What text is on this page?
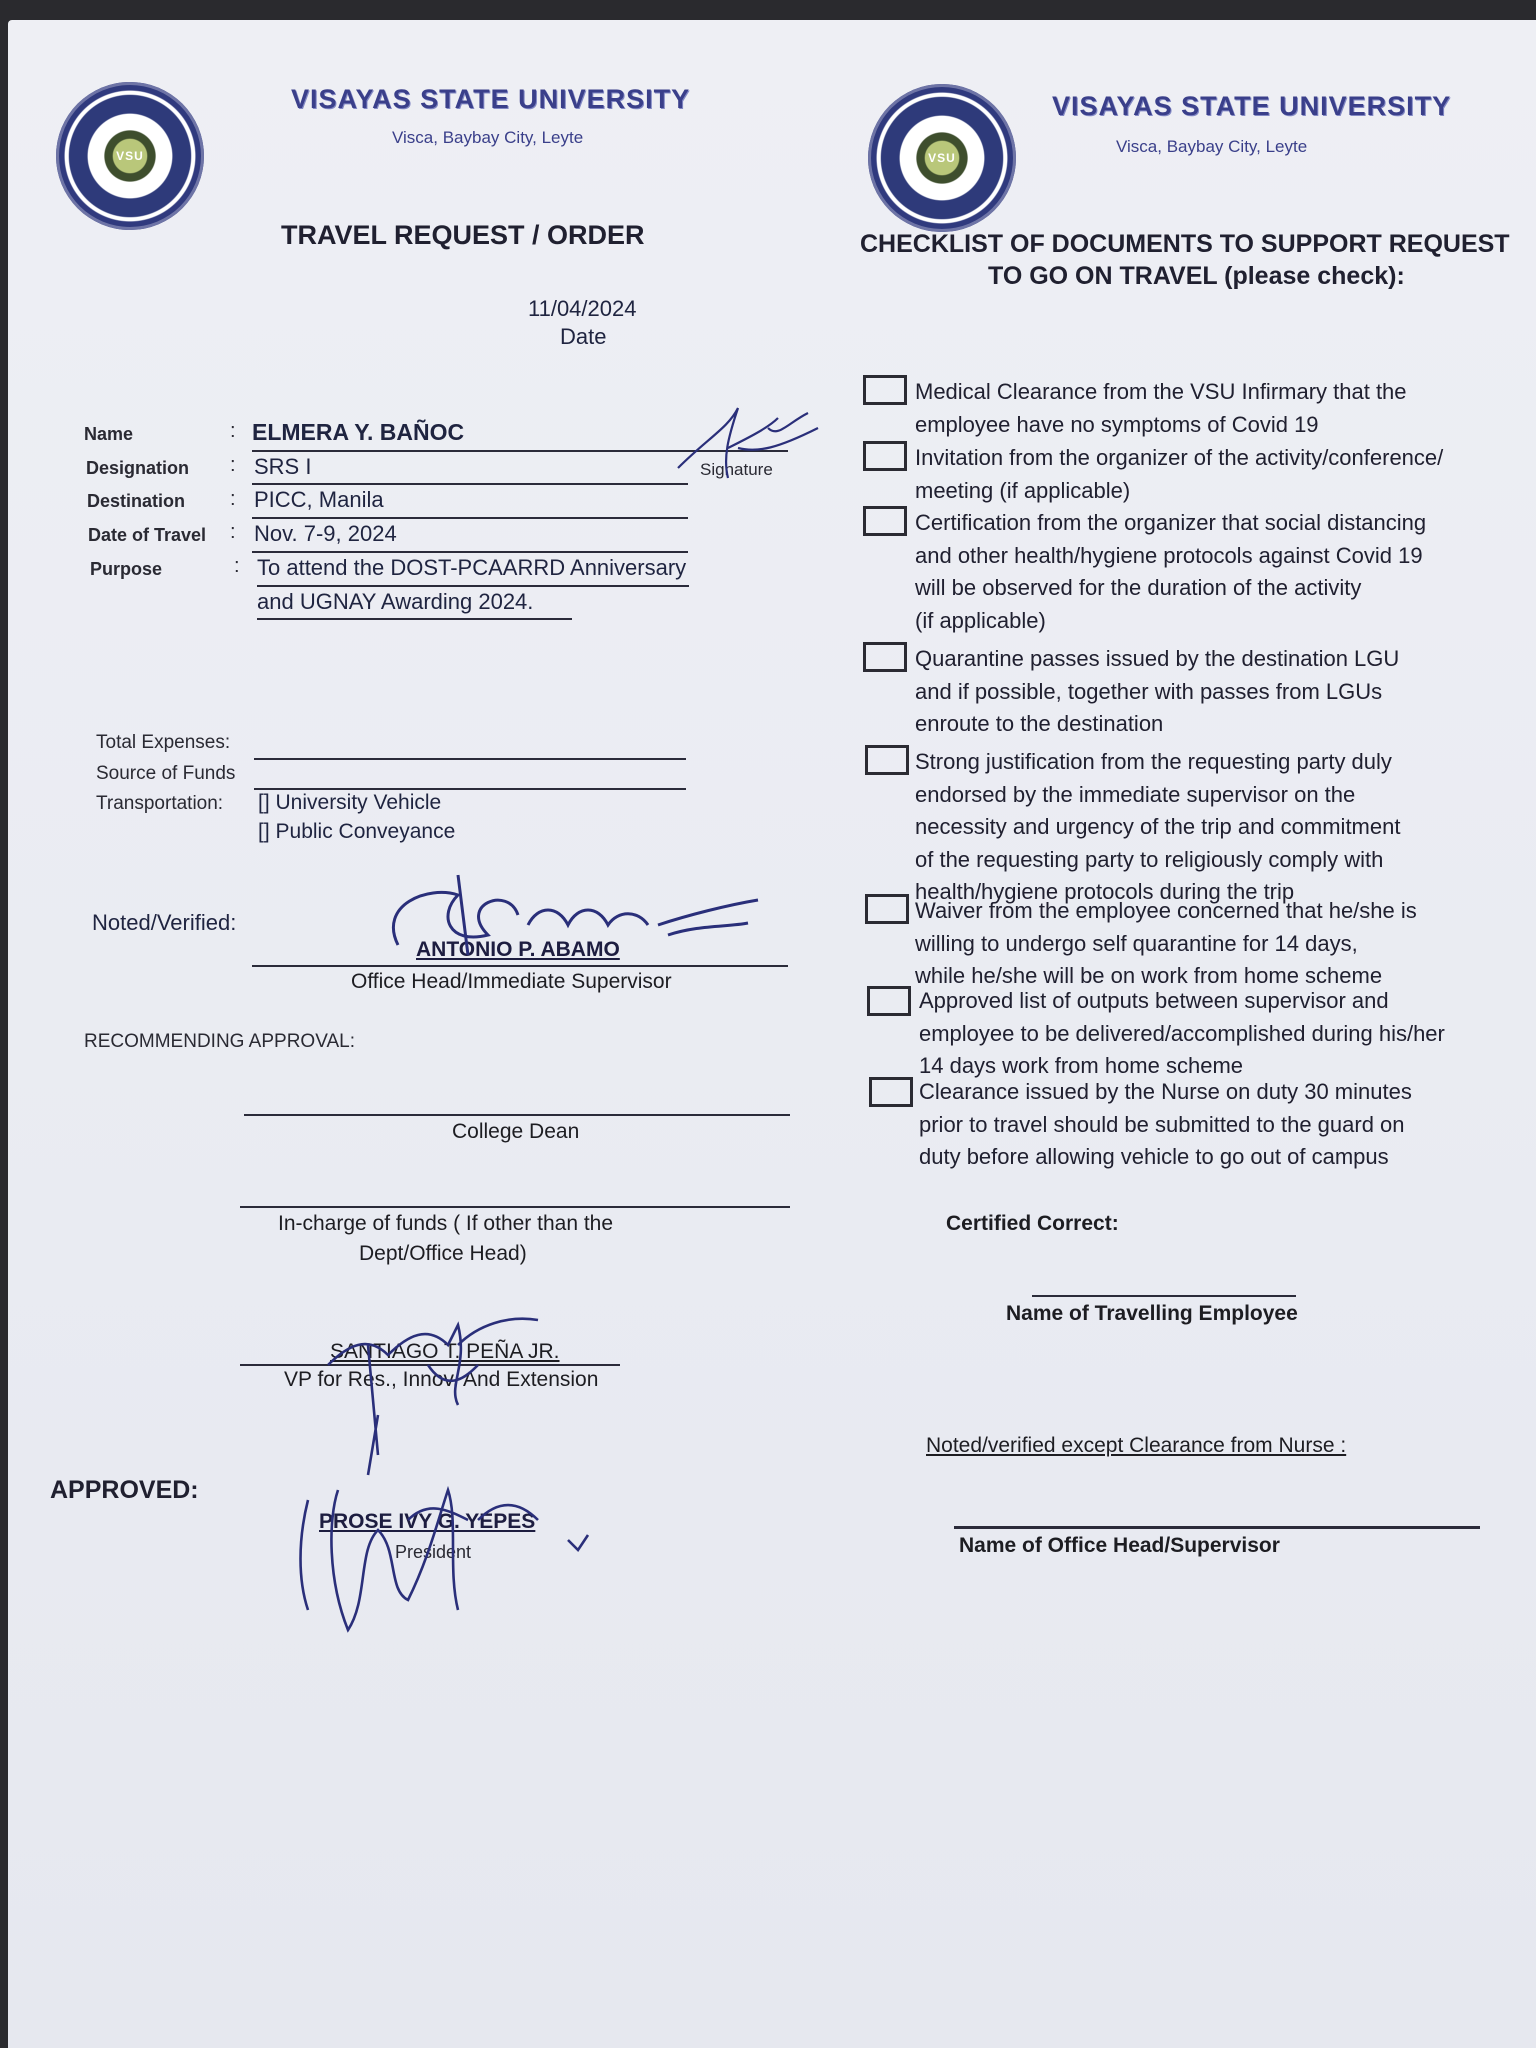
VSU
VISAYAS STATE UNIVERSITY
Visca, Baybay City, Leyte
TRAVEL REQUEST / ORDER
11/04/2024
Date
Name	: ELMERA Y. BAÑOC
Signature
Designation : SRS I
Destination : PICC, Manila
Date of Travel : Nov. 7-9, 2024
Purpose	: To attend the DOST-PCAARRD Anniversary
and UGNAY Awarding 2024.
Total Expenses:
Source of Funds
Transportation: [] University Vehicle
[] Public Conveyance
Noted/Verified:
ANTONIO P. ABAMO
Office Head/Immediate Supervisor
RECOMMENDING APPROVAL:
College Dean
In-charge of funds ( If other than the
Dept/Office Head)
SANTIAGO T. PEÑA JR.
VP for Res., Innov. And Extension
APPROVED:
PROSE IVY G. YEPES
President
VSU
VISAYAS STATE UNIVERSITY
Visca, Baybay City, Leyte
CHECKLIST OF DOCUMENTS TO SUPPORT REQUEST
TO GO ON TRAVEL (please check):
Medical Clearance from the VSU Infirmary that the
employee have no symptoms of Covid 19
Invitation from the organizer of the activity/conference/
meeting (if applicable)
Certification from the organizer that social distancing
and other health/hygiene protocols against Covid 19
will be observed for the duration of the activity
(if applicable)
Quarantine passes issued by the destination LGU
and if possible, together with passes from LGUs
enroute to the destination
Strong justification from the requesting party duly
endorsed by the immediate supervisor on the
necessity and urgency of the trip and commitment
of the requesting party to religiously comply with
health/hygiene protocols during the trip
Waiver from the employee concerned that he/she is
willing to undergo self quarantine for 14 days,
while he/she will be on work from home scheme
Approved list of outputs between supervisor and
employee to be delivered/accomplished during his/her
14 days work from home scheme
Clearance issued by the Nurse on duty 30 minutes
prior to travel should be submitted to the guard on
duty before allowing vehicle to go out of campus
Certified Correct:
Name of Travelling Employee
Noted/verified except Clearance from Nurse :
Name of Office Head/Supervisor
